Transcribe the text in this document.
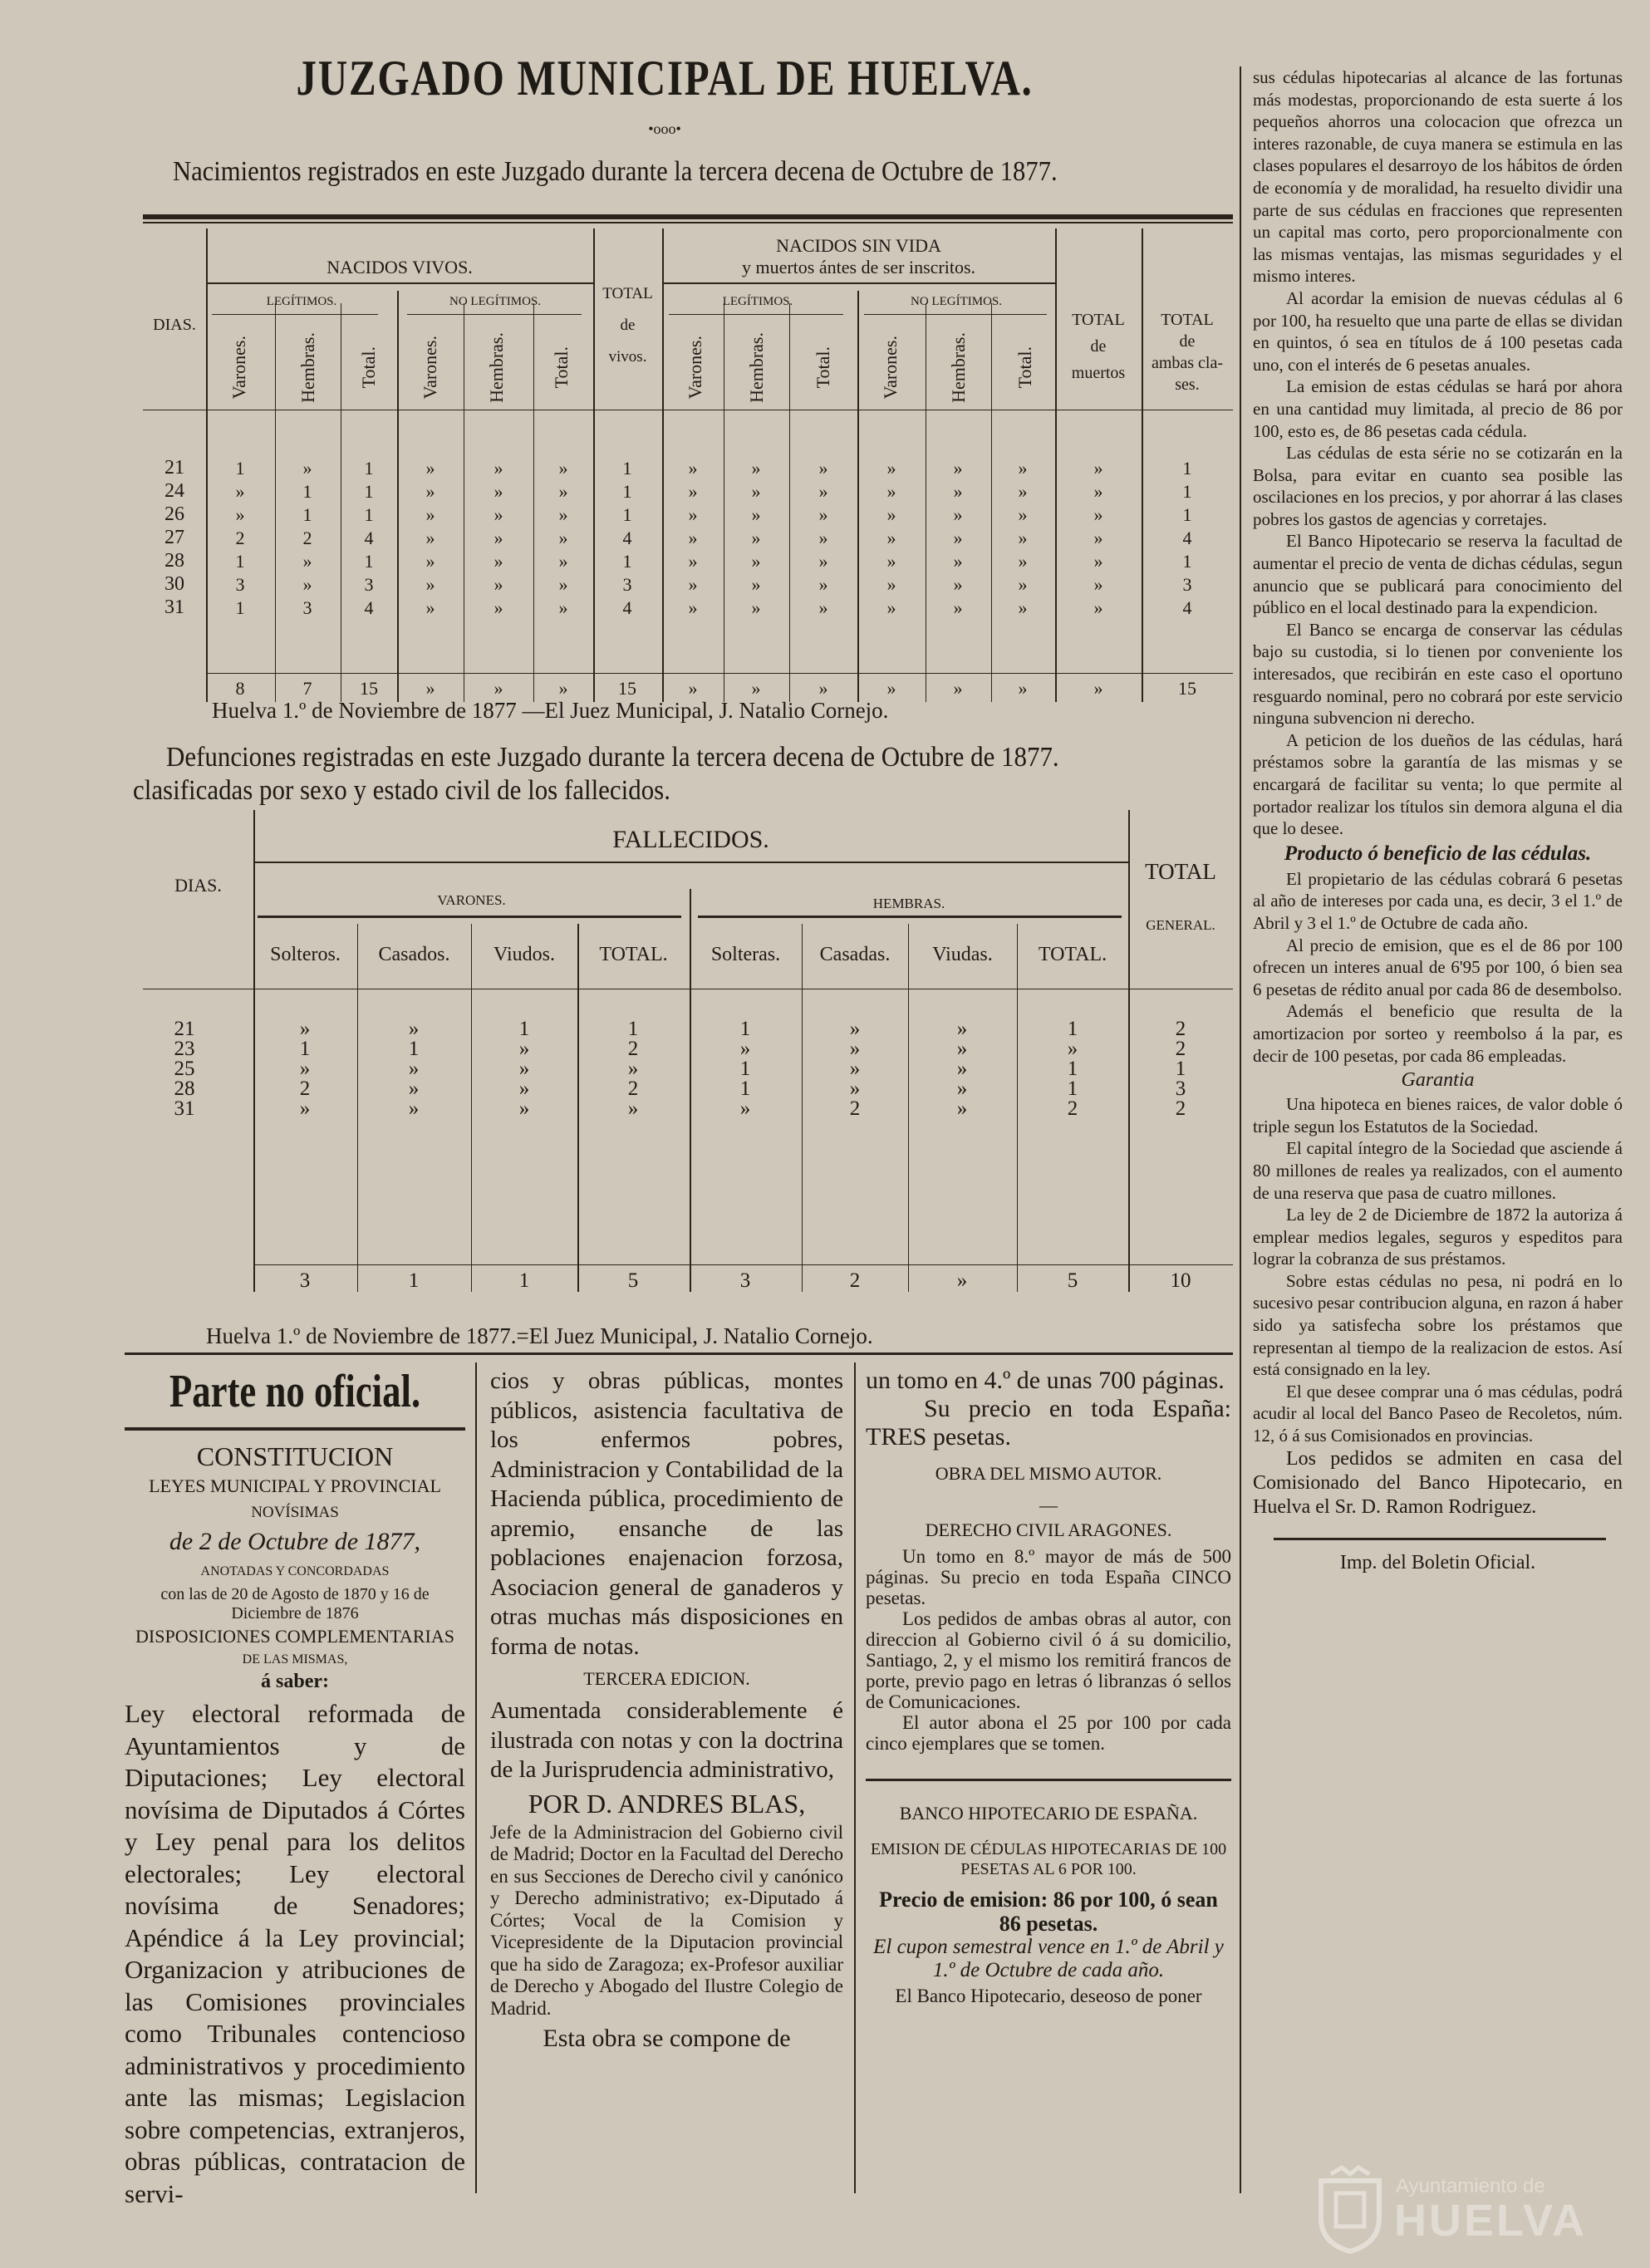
JUZGADO MUNICIPAL DE HUELVA.
•ooo•
Nacimientos registrados en este Juzgado durante la tercera decena de Octubre de 1877.
NACIDOS VIVOS.
NACIDOS SIN VIDA
y muertos ántes de ser inscritos.
LEGÍTIMOS.	NO LEGÍTIMOS.	LEGÍTIMOS.	NO LEGÍTIMOS.
DIAS.
TOTAL
de
vivos.
TOTAL
de
muertos
TOTAL
de
ambas cla-
ses.
Varones.	Hembras. Total. Varones.	Hembras. Total.	Varones. Hembras.	Total.	Varones.	Hembras.	Total.
21	1	»	1	»	»	»	1	»	»	»	»	»	»	»	1
24	»	1	1	»	»	»	1	»	»	»	»	»	»	»	1
26	»	1	1	»	»	»	1	»	»	»	»	»	»	»	1
27	2	2	4	»	»	»	4	»	»	»	»	»	»	»	4
28	1	»	1	»	»	»	1	»	»	»	»	»	»	»	1
30	3	»	3	»	»	»	3	»	»	»	»	»	»	»	3
31	1	3	4	»	»	»	4	»	»	»	»	»	»	»	4
8	7	15	»	»	»	15	»	»	»	»	»	»	»	15
Huelva 1.º de Noviembre de 1877 —El Juez Municipal, J. Natalio Cornejo.
Defunciones registradas en este Juzgado durante la tercera decena de Octubre de 1877.
clasificadas por sexo y estado civil de los fallecidos.
FALLECIDOS.
DIAS.
VARONES.	HEMBRAS.
TOTAL
GENERAL.
Solteros.	Casados.	Viudos.	TOTAL.	Solteras.	Casadas.	Viudas.	TOTAL.
21	»	»	1	1	1	»	»	1	2
23	1	1	»	2	»	»	»	»	2
25	»	»	»	»	1	»	»	1	1
28	2	»	»	2	1	»	»	1	3
31	»	»	»	»	»	2	»	2	2
3	1	1	5	3	2	»	5	10
Huelva 1.º de Noviembre de 1877.=El Juez Municipal, J. Natalio Cornejo.
Parte no oficial.
CONSTITUCION
LEYES MUNICIPAL Y PROVINCIAL
NOVÍSIMAS
de 2 de Octubre de 1877,
ANOTADAS Y CONCORDADAS
con las de 20 de Agosto de 1870 y 16 de
Diciembre de 1876
DISPOSICIONES COMPLEMENTARIAS
DE LAS MISMAS,
á saber:

Ley electoral reformada de Ayuntamientos y de Diputaciones; Ley electoral novísima de Diputados á Córtes y Ley penal para los delitos electorales; Ley electoral novísima de Senadores; Apéndice á la Ley provincial; Organizacion y atribuciones de las Comisiones provinciales como Tribunales contencioso administrativos y procedimiento ante las mismas; Legislacion sobre competencias, extranjeros, obras públicas, contratacion de servi-

cios y obras públicas, montes públicos, asistencia facultativa de los enfermos pobres, Administracion y Contabilidad de la Hacienda pública, procedimiento de apremio, ensanche de las poblaciones enajenacion forzosa, Asociacion general de ganaderos y otras muchas más disposiciones en forma de notas.

TERCERA EDICION.

Aumentada considerablemente é ilustrada con notas y con la doctrina de la Jurisprudencia administrativo,

POR D. ANDRES BLAS,

Jefe de la Administracion del Gobierno civil de Madrid; Doctor en la Facultad del Derecho en sus Secciones de Derecho civil y canónico y Derecho administrativo; ex-Diputado á Córtes; Vocal de la Comision y Vicepresidente de la Diputacion provincial que ha sido de Zaragoza; ex-Profesor auxiliar de Derecho y Abogado del Ilustre Colegio de Madrid.

Esta obra se compone de

un tomo en 4.º de unas 700 páginas.

Su precio en toda España: TRES pesetas.

OBRA DEL MISMO AUTOR.

—

DERECHO CIVIL ARAGONES.

Un tomo en 8.º mayor de más de 500 páginas. Su precio en toda España CINCO pesetas.

Los pedidos de ambas obras al autor, con direccion al Gobierno civil ó á su domicilio, Santiago, 2, y el mismo los remitirá francos de porte, previo pago en letras ó libranzas ó sellos de Comunicaciones.

El autor abona el 25 por 100 por cada cinco ejemplares que se tomen.

BANCO HIPOTECARIO DE ESPAÑA.

EMISION DE CÉDULAS HIPOTECARIAS DE 100 PESETAS AL 6 POR 100.

Precio de emision: 86 por 100, ó sean 86 pesetas.

El cupon semestral vence en 1.º de Abril y 1.º de Octubre de cada año.

El Banco Hipotecario, deseoso de poner

sus cédulas hipotecarias al alcance de las fortunas más modestas, proporcionando de esta suerte á los pequeños ahorros una colocacion que ofrezca un interes razonable, de cuya manera se estimula en las clases populares el desarroyo de los hábitos de órden de economía y de moralidad, ha resuelto dividir una parte de sus cédulas en fracciones que representen un capital mas corto, pero proporcionalmente con las mismas ventajas, las mismas seguridades y el mismo interes.

Al acordar la emision de nuevas cédulas al 6 por 100, ha resuelto que una parte de ellas se dividan en quintos, ó sea en títulos de á 100 pesetas cada uno, con el interés de 6 pesetas anuales.

La emision de estas cédulas se hará por ahora en una cantidad muy limitada, al precio de 86 por 100, esto es, de 86 pesetas cada cédula.

Las cédulas de esta série no se cotizarán en la Bolsa, para evitar en cuanto sea posible las oscilaciones en los precios, y por ahorrar á las clases pobres los gastos de agencias y corretajes.

El Banco Hipotecario se reserva la facultad de aumentar el precio de venta de dichas cédulas, segun anuncio que se publicará para conocimiento del público en el local destinado para la expendicion.

El Banco se encarga de conservar las cédulas bajo su custodia, si lo tienen por conveniente los interesados, que recibirán en este caso el oportuno resguardo nominal, pero no cobrará por este servicio ninguna subvencion ni derecho.

A peticion de los dueños de las cédulas, hará préstamos sobre la garantía de las mismas y se encargará de facilitar su venta; lo que permite al portador realizar los títulos sin demora alguna el dia que lo desee.

Producto ó beneficio de las cédulas.

El propietario de las cédulas cobrará 6 pesetas al año de intereses por cada una, es decir, 3 el 1.º de Abril y 3 el 1.º de Octubre de cada año.

Al precio de emision, que es el de 86 por 100 ofrecen un interes anual de 6'95 por 100, ó bien sea 6 pesetas de rédito anual por cada 86 de desembolso.

Además el beneficio que resulta de la amortizacion por sorteo y reembolso á la par, es decir de 100 pesetas, por cada 86 empleadas.

Garantia

Una hipoteca en bienes raices, de valor doble ó triple segun los Estatutos de la Sociedad.

El capital íntegro de la Sociedad que asciende á 80 millones de reales ya realizados, con el aumento de una reserva que pasa de cuatro millones.

La ley de 2 de Diciembre de 1872 la autoriza á emplear medios legales, seguros y espeditos para lograr la cobranza de sus préstamos.

Sobre estas cédulas no pesa, ni podrá en lo sucesivo pesar contribucion alguna, en razon á haber sido ya satisfecha sobre los préstamos que representan al tiempo de la realizacion de estos. Así está consignado en la ley.

El que desee comprar una ó mas cédulas, podrá acudir al local del Banco Paseo de Recoletos, núm. 12, ó á sus Comisionados en provincias.

Los pedidos se admiten en casa del Comisionado del Banco Hipotecario, en Huelva el Sr. D. Ramon Rodriguez.

Imp. del Boletin Oficial.

Ayuntamiento de
HUELVA
